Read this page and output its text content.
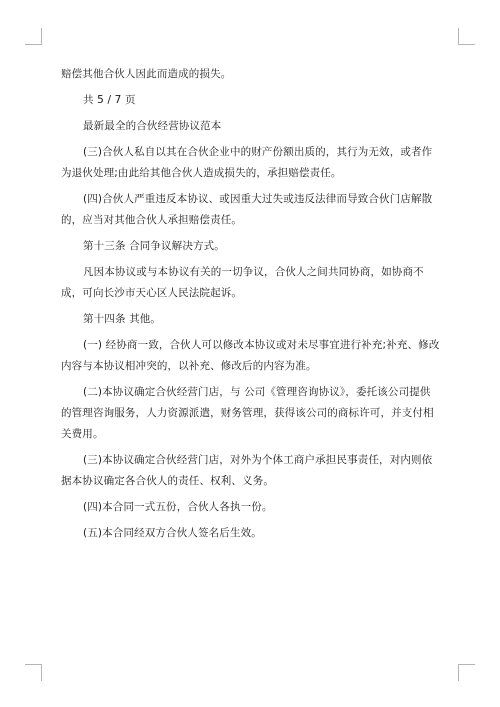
赔偿其他合伙人因此而造成的损失。

共 5 / 7 页

最新最全的合伙经营协议范本

(三)合伙人私自以其在合伙企业中的财产份额出质的，其行为无效，或者作为退伙处理;由此给其他合伙人造成损失的，承担赔偿责任。

(四)合伙人严重违反本协议、或因重大过失或违反法律而导致合伙门店解散的，应当对其他合伙人承担赔偿责任。

第十三条 合同争议解决方式。

凡因本协议或与本协议有关的一切争议，合伙人之间共同协商，如协商不成，可向长沙市天心区人民法院起诉。

第十四条 其他。

(一) 经协商一致，合伙人可以修改本协议或对未尽事宜进行补充;补充、修改内容与本协议相冲突的，以补充、修改后的内容为准。

(二)本协议确定合伙经营门店，与 公司《管理咨询协议》，委托该公司提供的管理咨询服务，人力资源派遣，财务管理，获得该公司的商标许可，并支付相关费用。

(三)本协议确定合伙经营门店，对外为个体工商户承担民事责任，对内则依据本协议确定各合伙人的责任、权利、义务。

(四)本合同一式五份，合伙人各执一份。

(五)本合同经双方合伙人签名后生效。
